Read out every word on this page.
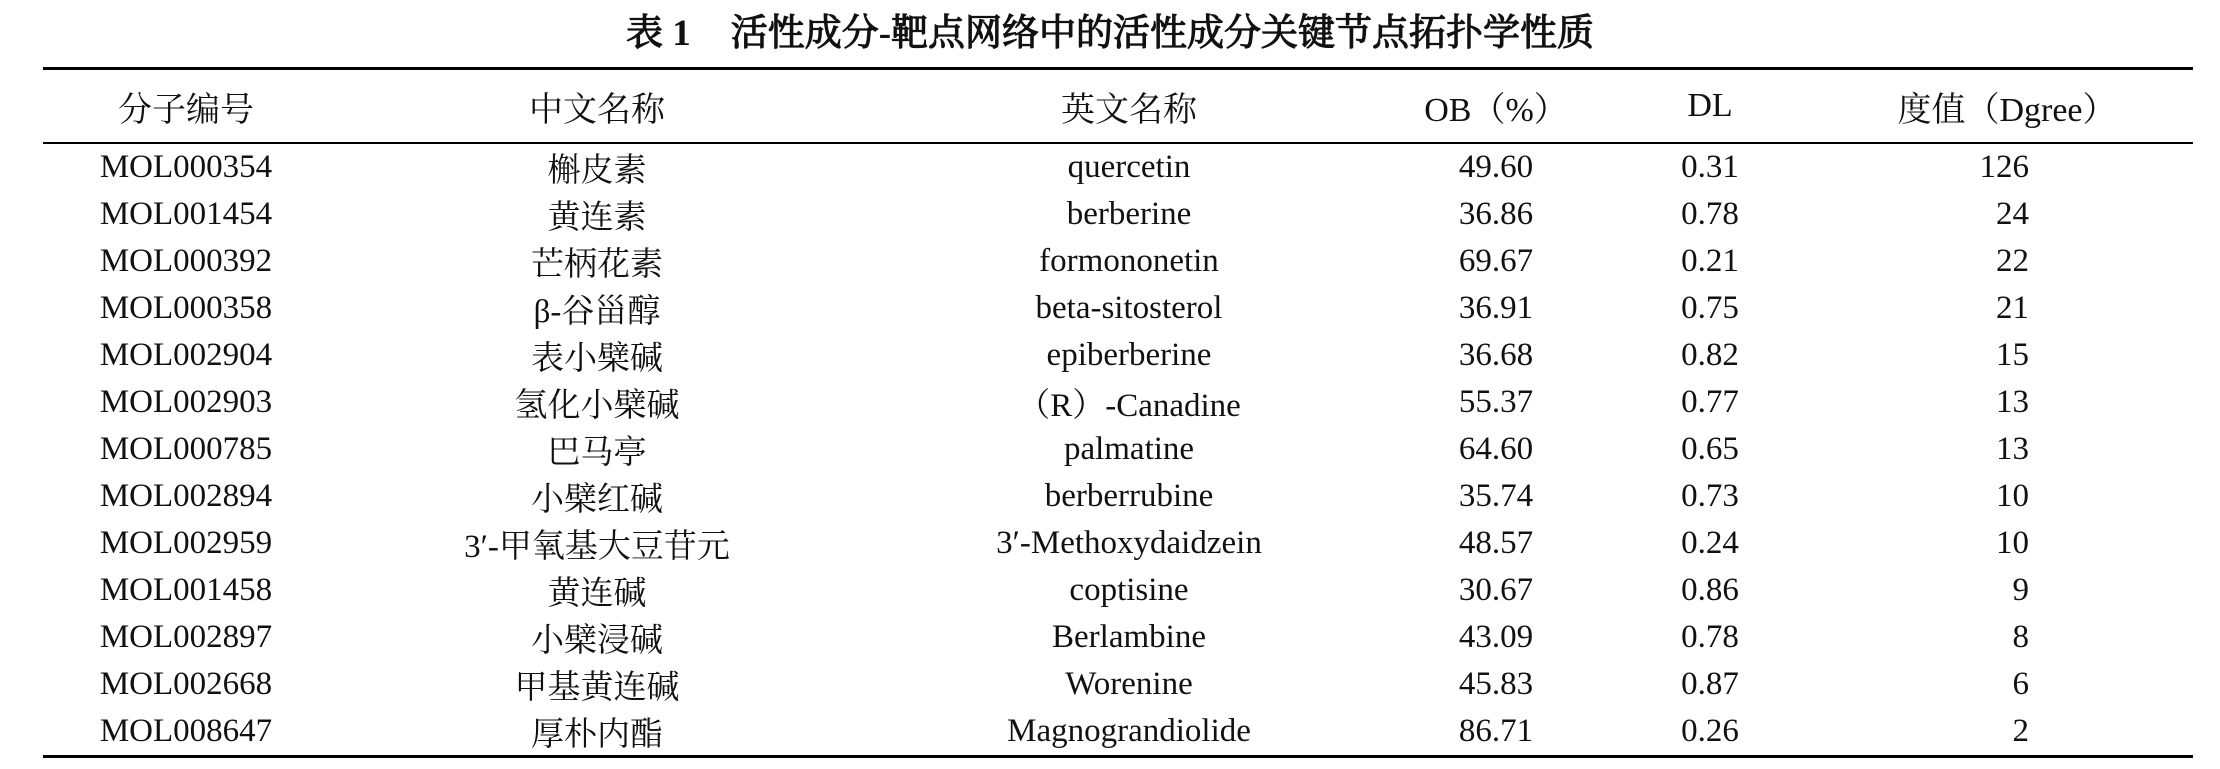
表 1 活性成分-靶点网络中的活性成分关键节点拓扑学性质
分子编号	中文名称	英文名称	OB（%）	DL	度值（Dgree）
MOL000354	槲皮素	quercetin	49.60	0.31	126
MOL001454	黄连素	berberine	36.86	0.78	24
MOL000392	芒柄花素	formononetin	69.67	0.21	22
MOL000358	β-谷甾醇	beta-sitosterol	36.91	0.75	21
MOL002904	表小檗碱	epiberberine	36.68	0.82	15
MOL002903	氢化小檗碱	（R）-Canadine	55.37	0.77	13
MOL000785	巴马亭	palmatine	64.60	0.65	13
MOL002894	小檗红碱	berberrubine	35.74	0.73	10
MOL002959	3′-甲氧基大豆苷元	3′-Methoxydaidzein	48.57	0.24	10
MOL001458	黄连碱	coptisine	30.67	0.86	9
MOL002897	小檗浸碱	Berlambine	43.09	0.78	8
MOL002668	甲基黄连碱	Worenine	45.83	0.87	6
MOL008647	厚朴内酯	Magnograndiolide	86.71	0.26	2
